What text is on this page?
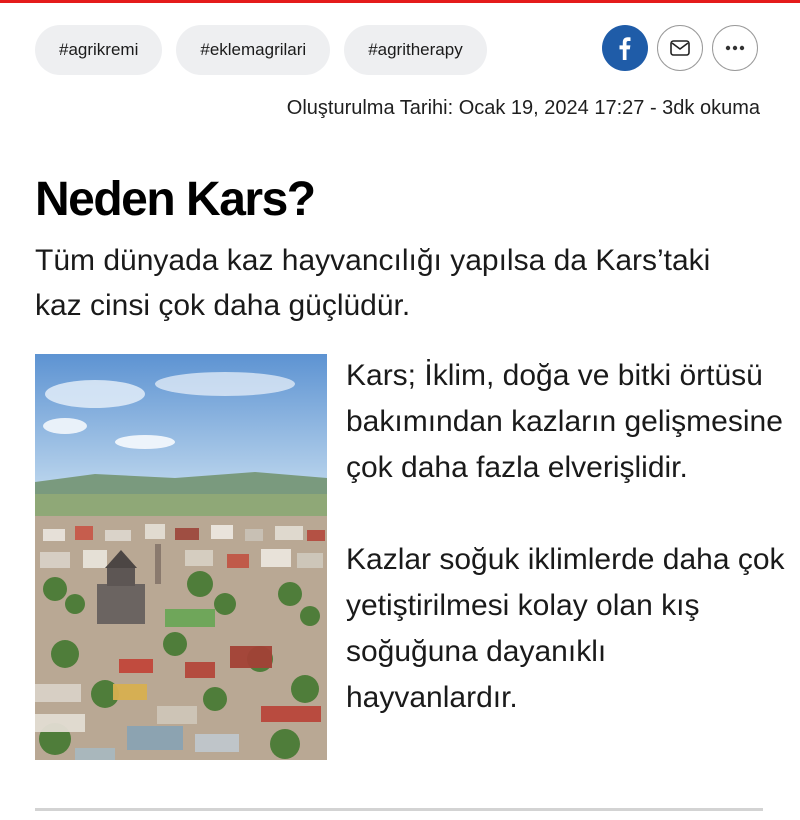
#agrikremi	#eklemagrilari	#agritherapy
Oluşturulma Tarihi: Ocak 19, 2024 17:27 - 3dk okuma
Neden Kars?

Tüm dünyada kaz hayvancılığı yapılsa da Kars’taki kaz cinsi çok daha güçlüdür.

Kars; İklim, doğa ve bitki örtüsü bakımından kazların gelişmesine çok daha fazla elverişlidir.

Kazlar soğuk iklimlerde daha çok yetiştirilmesi kolay olan kış soğuğuna dayanıklı hayvanlardır.
